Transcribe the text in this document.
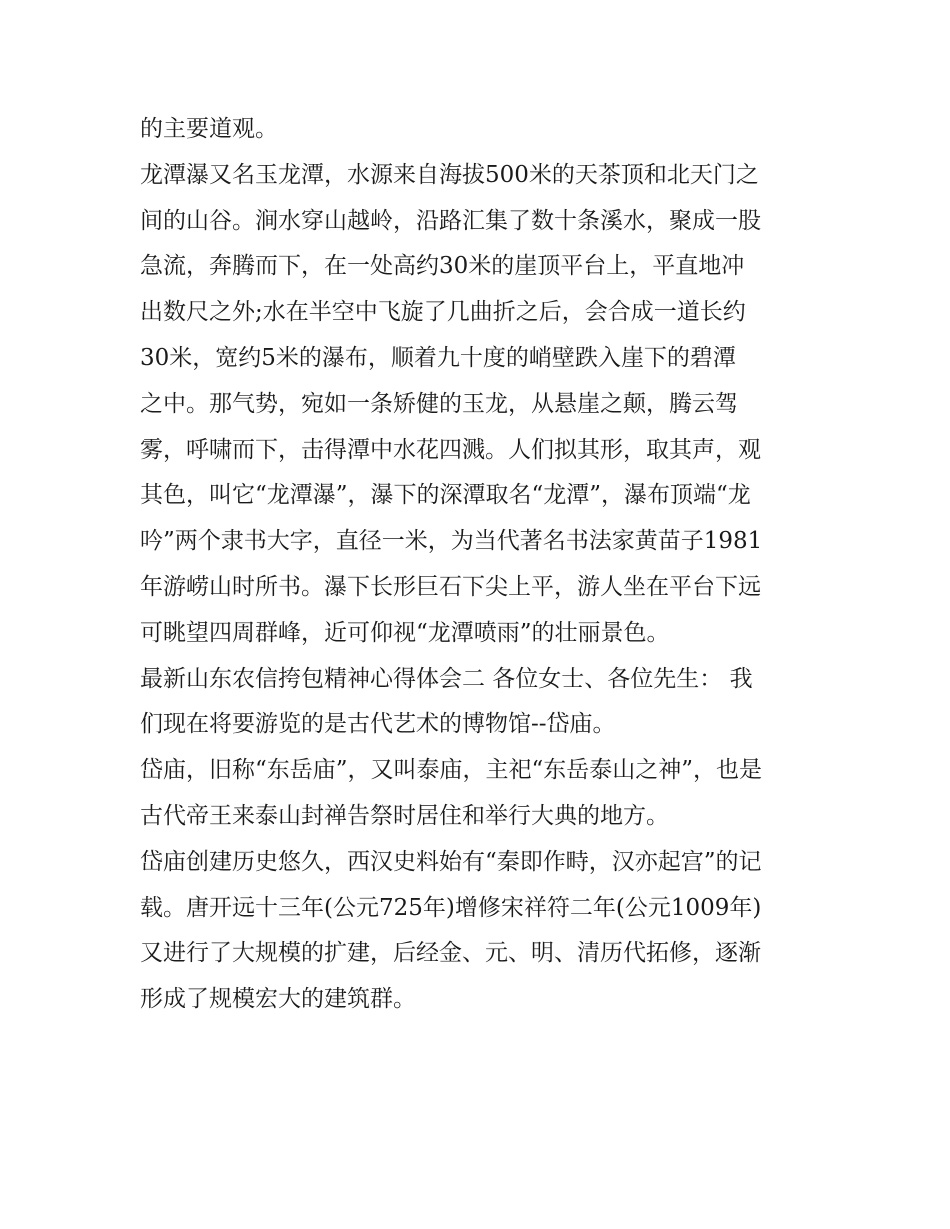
的主要道观。
龙潭瀑又名玉龙潭，水源来自海拔500米的天茶顶和北天门之
间的山谷。涧水穿山越岭，沿路汇集了数十条溪水，聚成一股
急流，奔腾而下，在一处高约30米的崖顶平台上，平直地冲
出数尺之外;水在半空中飞旋了几曲折之后，会合成一道长约
30米，宽约5米的瀑布，顺着九十度的峭壁跌入崖下的碧潭
之中。那气势，宛如一条矫健的玉龙，从悬崖之颠，腾云驾
雾，呼啸而下，击得潭中水花四溅。人们拟其形，取其声，观
其色，叫它“龙潭瀑”，瀑下的深潭取名“龙潭”，瀑布顶端“龙
吟”两个隶书大字，直径一米，为当代著名书法家黄苗子1981
年游崂山时所书。瀑下长形巨石下尖上平，游人坐在平台下远
可眺望四周群峰，近可仰视“龙潭喷雨”的壮丽景色。
最新山东农信挎包精神心得体会二 各位女士、各位先生： 我
们现在将要游览的是古代艺术的博物馆--岱庙。
岱庙，旧称“东岳庙”，又叫泰庙，主祀“东岳泰山之神”，也是
古代帝王来泰山封禅告祭时居住和举行大典的地方。
岱庙创建历史悠久，西汉史料始有“秦即作畤，汉亦起宫”的记
载。唐开远十三年(公元725年)增修宋祥符二年(公元1009年)
又进行了大规模的扩建，后经金、元、明、清历代拓修，逐渐
形成了规模宏大的建筑群。
